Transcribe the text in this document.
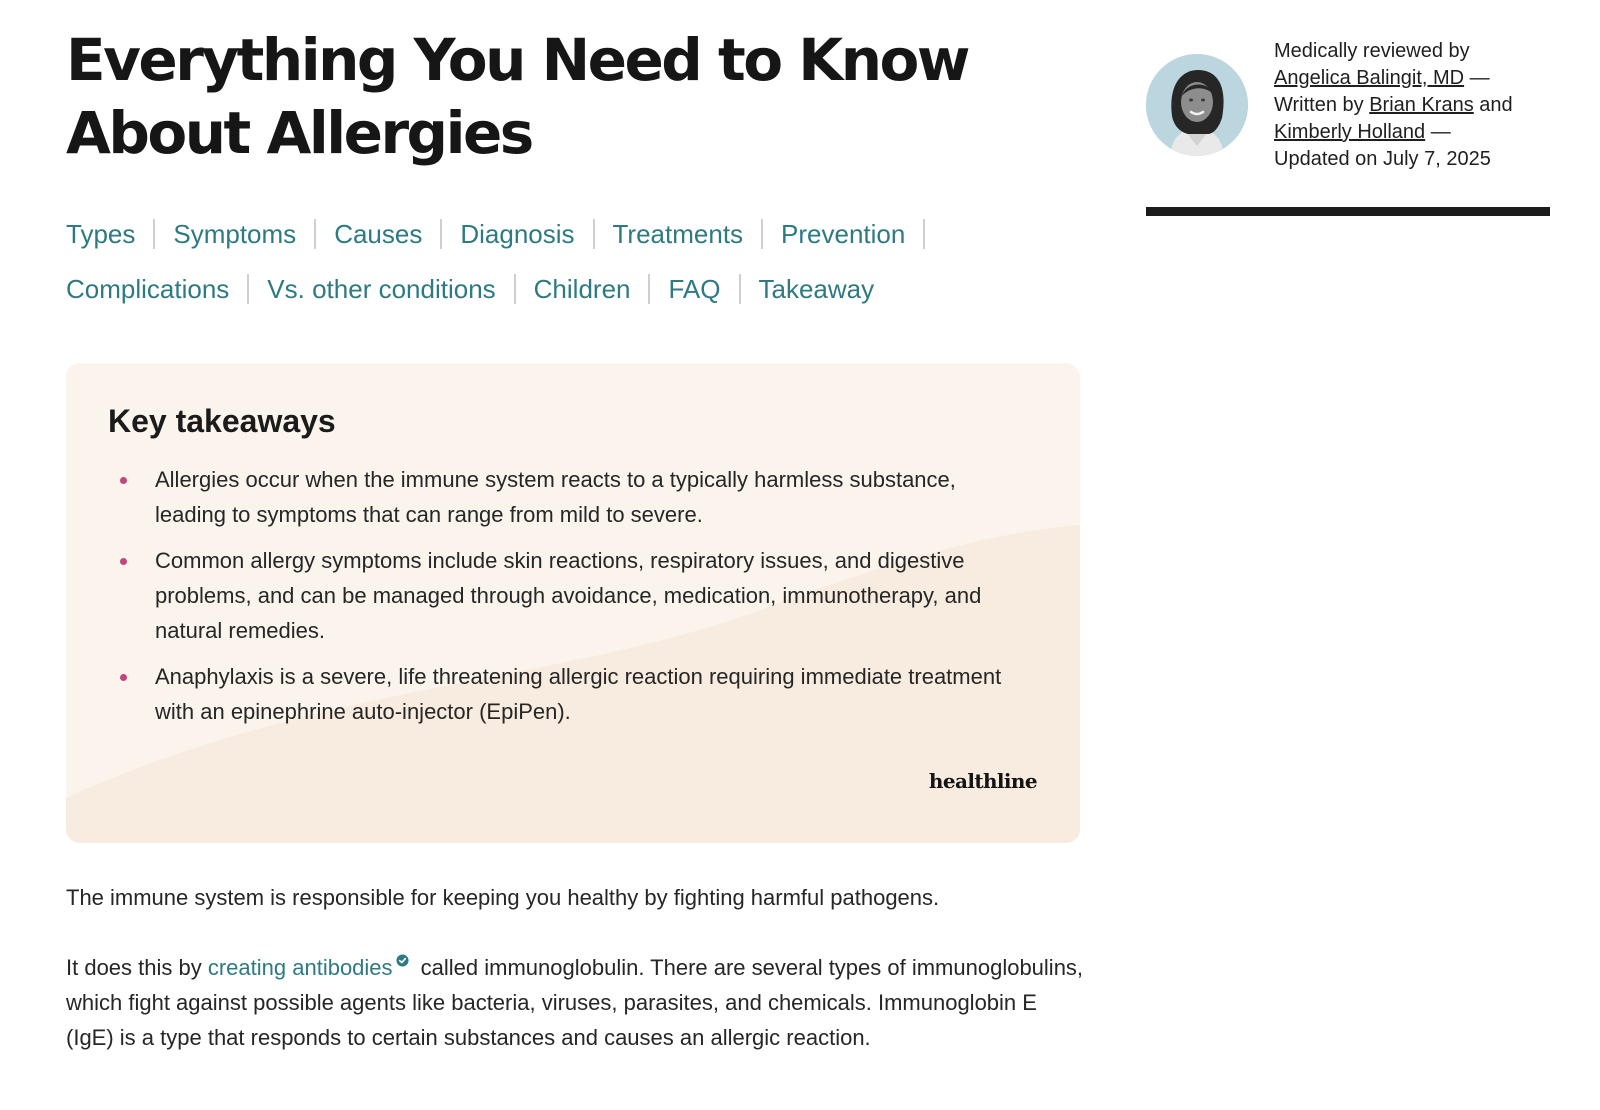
Everything You Need to Know About Allergies
Types Symptoms Causes Diagnosis Treatments Prevention
Complications Vs. other conditions Children FAQ Takeaway
Key takeaways
Allergies occur when the immune system reacts to a typically harmless substance, leading to symptoms that can range from mild to severe.
Common allergy symptoms include skin reactions, respiratory issues, and digestive problems, and can be managed through avoidance, medication, immunotherapy, and natural remedies.
Anaphylaxis is a severe, life threatening allergic reaction requiring immediate treatment with an epinephrine auto-injector (EpiPen).
healthline

The immune system is responsible for keeping you healthy by fighting harmful pathogens.

It does this by creating antibodies called immunoglobulin. There are several types of immunoglobulins, which fight against possible agents like bacteria, viruses, parasites, and chemicals. Immunoglobin E (IgE) is a type that responds to certain substances and causes an allergic reaction.

Medically reviewed by
Angelica Balingit, MD —
Written by Brian Krans and
Kimberly Holland —
Updated on July 7, 2025
